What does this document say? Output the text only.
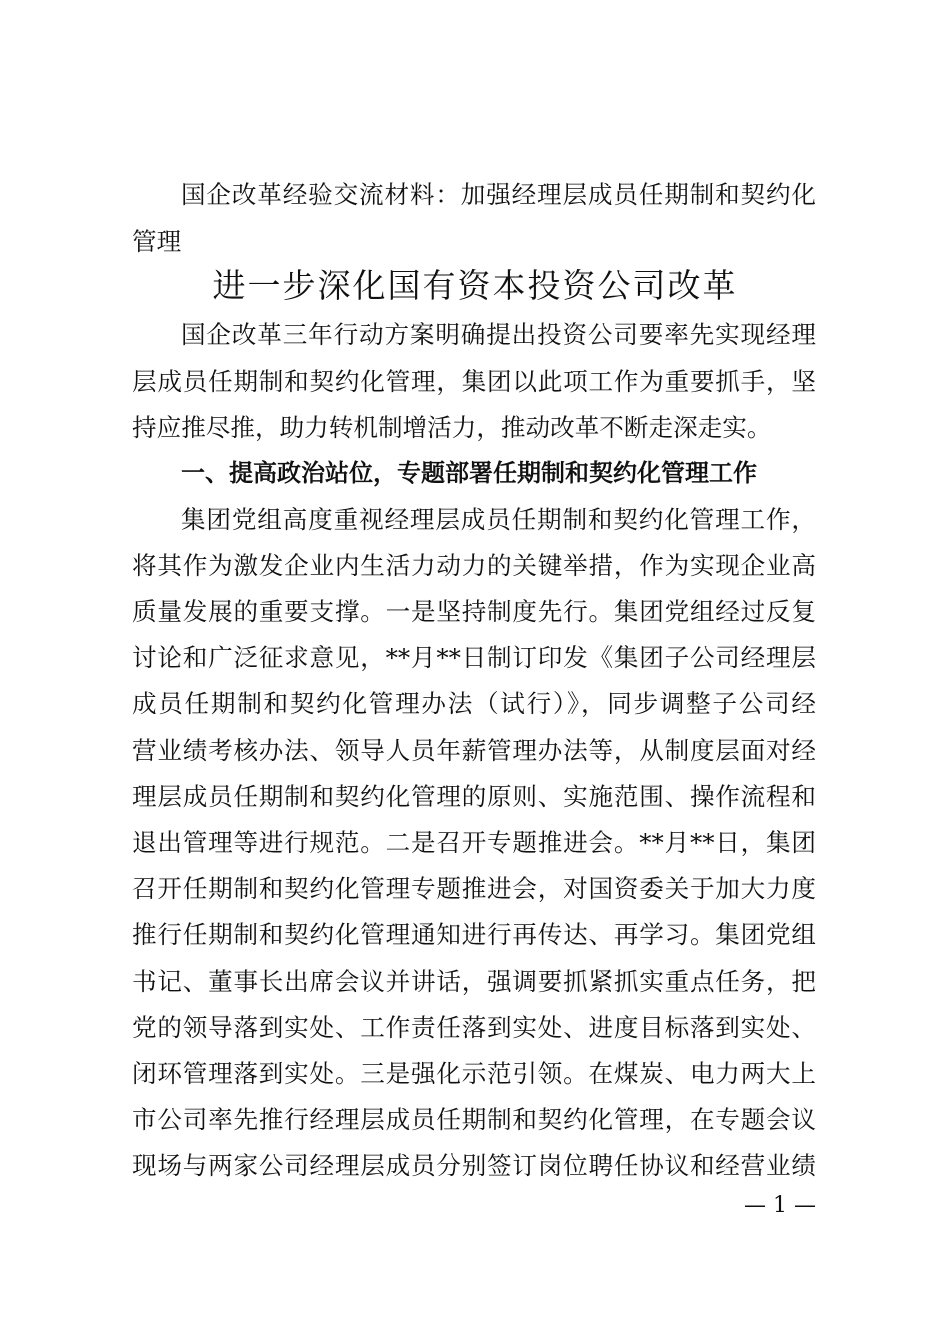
国企改革经验交流材料：加强经理层成员任期制和契约化
管理
进一步深化国有资本投资公司改革
国企改革三年行动方案明确提出投资公司要率先实现经理
层成员任期制和契约化管理，集团以此项工作为重要抓手，坚
持应推尽推，助力转机制增活力，推动改革不断走深走实。
一、提高政治站位，专题部署任期制和契约化管理工作
集团党组高度重视经理层成员任期制和契约化管理工作，
将其作为激发企业内生活力动力的关键举措，作为实现企业高
质量发展的重要支撑。一是坚持制度先行。集团党组经过反复
讨论和广泛征求意见，**月**日制订印发《集团子公司经理层
成员任期制和契约化管理办法（试行）》，同步调整子公司经
营业绩考核办法、领导人员年薪管理办法等，从制度层面对经
理层成员任期制和契约化管理的原则、实施范围、操作流程和
退出管理等进行规范。二是召开专题推进会。**月**日，集团
召开任期制和契约化管理专题推进会，对国资委关于加大力度
推行任期制和契约化管理通知进行再传达、再学习。集团党组
书记、董事长出席会议并讲话，强调要抓紧抓实重点任务，把
党的领导落到实处、工作责任落到实处、进度目标落到实处、
闭环管理落到实处。三是强化示范引领。在煤炭、电力两大上
市公司率先推行经理层成员任期制和契约化管理，在专题会议
现场与两家公司经理层成员分别签订岗位聘任协议和经营业绩
— 1 —
